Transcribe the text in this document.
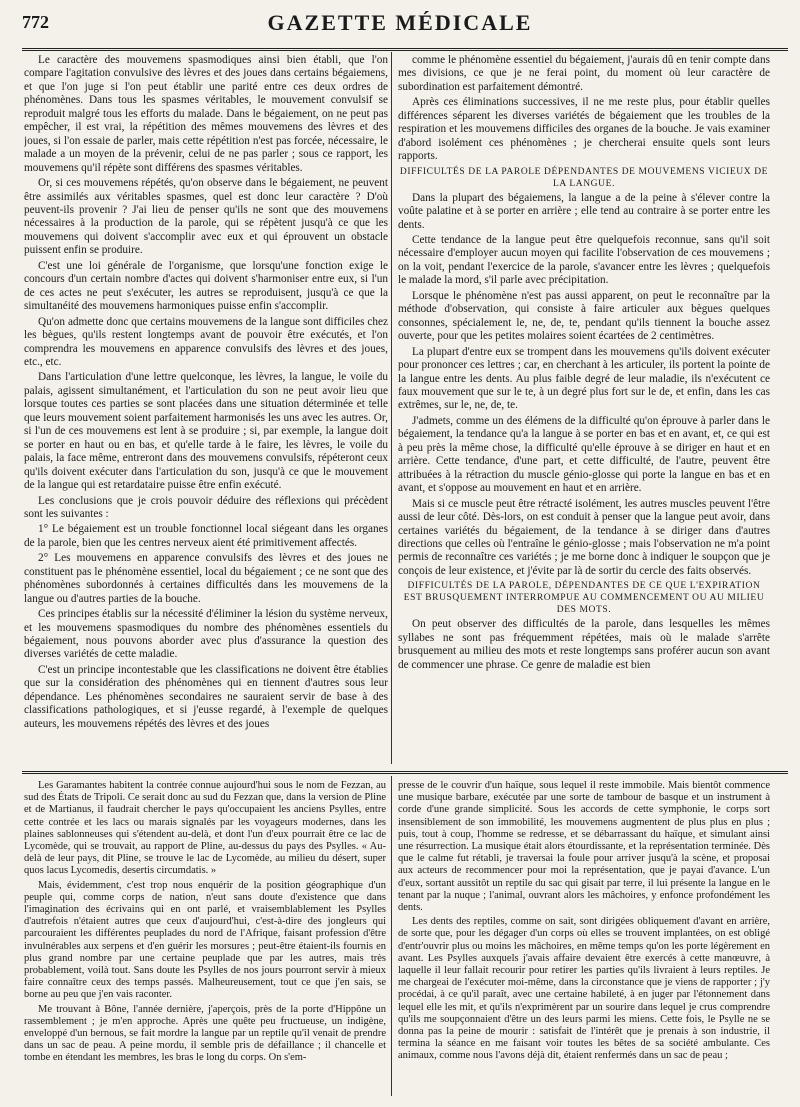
772	GAZETTE MÉDICALE

Le caractère des mouvemens spasmodiques ainsi bien établi, que l'on compare l'agitation convulsive des lèvres et des joues dans certains bégaiemens, et que l'on juge si l'on peut établir une parité entre ces deux ordres de phénomènes. Dans tous les spasmes véritables, le mouvement convulsif se reproduit malgré tous les efforts du malade. Dans le bégaiement, on ne peut pas empêcher, il est vrai, la répétition des mêmes mouvemens des lèvres et des joues, si l'on essaie de parler, mais cette répétition n'est pas forcée, nécessaire, le malade a un moyen de la prévenir, celui de ne pas parler ; sous ce rapport, les mouvemens qu'il répète sont différens des spasmes véritables.

Or, si ces mouvemens répétés, qu'on observe dans le bégaiement, ne peuvent être assimilés aux véritables spasmes, quel est donc leur caractère ? D'où peuvent-ils provenir ? J'ai lieu de penser qu'ils ne sont que des mouvemens nécessaires à la production de la parole, qui se répètent jusqu'à ce que les mouvemens qui doivent s'accomplir avec eux et qui éprouvent un obstacle puissent enfin se produire.

C'est une loi générale de l'organisme, que lorsqu'une fonction exige le concours d'un certain nombre d'actes qui doivent s'harmoniser entre eux, si l'un de ces actes ne peut s'exécuter, les autres se reproduisent, jusqu'à ce que la simultanéité des mouvemens harmoniques puisse enfin s'accomplir.

Qu'on admette donc que certains mouvemens de la langue sont difficiles chez les bègues, qu'ils restent longtemps avant de pouvoir être exécutés, et l'on comprendra les mouvemens en apparence convulsifs des lèvres et des joues, etc., etc.

Dans l'articulation d'une lettre quelconque, les lèvres, la langue, le voile du palais, agissent simultanément, et l'articulation du son ne peut avoir lieu que lorsque toutes ces parties se sont placées dans une situation déterminée et telle que leurs mouvement soient parfaitement harmonisés les uns avec les autres. Or, si l'un de ces mouvemens est lent à se produire ; si, par exemple, la langue doit se porter en haut ou en bas, et qu'elle tarde à le faire, les lèvres, le voile du palais, la face même, entreront dans des mouvemens convulsifs, répéteront ceux qu'ils doivent exécuter dans l'articulation du son, jusqu'à ce que le mouvement de la langue qui est retardataire puisse être enfin exécuté.

Les conclusions que je crois pouvoir déduire des réflexions qui précèdent sont les suivantes :

1° Le bégaiement est un trouble fonctionnel local siégeant dans les organes de la parole, bien que les centres nerveux aient été primitivement affectés.

2° Les mouvemens en apparence convulsifs des lèvres et des joues ne constituent pas le phénomène essentiel, local du bégaiement ; ce ne sont que des phénomènes subordonnés à certaines difficultés dans les mouvemens de la langue ou d'autres parties de la bouche.

Ces principes établis sur la nécessité d'éliminer la lésion du système nerveux, et les mouvemens spasmodiques du nombre des phénomènes essentiels du bégaiement, nous pouvons aborder avec plus d'assurance la question des diverses variétés de cette maladie.

C'est un principe incontestable que les classifications ne doivent être établies que sur la considération des phénomènes qui en tiennent d'autres sous leur dépendance. Les phénomènes secondaires ne sauraient servir de base à des classifications pathologiques, et si j'eusse regardé, à l'exemple de quelques auteurs, les mouvemens répétés des lèvres et des joues

comme le phénomène essentiel du bégaiement, j'aurais dû en tenir compte dans mes divisions, ce que je ne ferai point, du moment où leur caractère de subordination est parfaitement démontré.

Après ces éliminations successives, il ne me reste plus, pour établir quelles différences séparent les diverses variétés de bégaiement que les troubles de la respiration et les mouvemens difficiles des organes de la bouche. Je vais examiner d'abord isolément ces phénomènes ; je chercherai ensuite quels sont leurs rapports.

DIFFICULTÉS DE LA PAROLE DÉPENDANTES DE MOUVEMENS VICIEUX DE LA LANGUE.

Dans la plupart des bégaiemens, la langue a de la peine à s'élever contre la voûte palatine et à se porter en arrière ; elle tend au contraire à se porter entre les dents.

Cette tendance de la langue peut être quelquefois reconnue, sans qu'il soit nécessaire d'employer aucun moyen qui facilite l'observation de ces mouvemens ; on la voit, pendant l'exercice de la parole, s'avancer entre les lèvres ; quelquefois le malade la mord, s'il parle avec précipitation.

Lorsque le phénomène n'est pas aussi apparent, on peut le reconnaître par la méthode d'observation, qui consiste à faire articuler aux bègues quelques consonnes, spécialement le, ne, de, te, pendant qu'ils tiennent la bouche assez ouverte, pour que les petites molaires soient écartées de 2 centimètres.

La plupart d'entre eux se trompent dans les mouvemens qu'ils doivent exécuter pour prononcer ces lettres ; car, en cherchant à les articuler, ils portent la pointe de la langue entre les dents. Au plus faible degré de leur maladie, ils n'exécutent ce faux mouvement que sur le te, à un degré plus fort sur le de, et enfin, dans les cas extrêmes, sur le, ne, de, te.

J'admets, comme un des élémens de la difficulté qu'on éprouve à parler dans le bégaiement, la tendance qu'a la langue à se porter en bas et en avant, et, ce qui est à peu près la même chose, la difficulté qu'elle éprouve à se diriger en haut et en arrière. Cette tendance, d'une part, et cette difficulté, de l'autre, peuvent être attribuées à la rétraction du muscle génio-glosse qui porte la langue en bas et en avant, et s'oppose au mouvement en haut et en arrière.

Mais si ce muscle peut être rétracté isolément, les autres muscles peuvent l'être aussi de leur côté. Dès-lors, on est conduit à penser que la langue peut avoir, dans certaines variétés du bégaiement, de la tendance à se diriger dans d'autres directions que celles où l'entraîne le génio-glosse ; mais l'observation ne m'a point permis de reconnaître ces variétés ; je me borne donc à indiquer le soupçon que je conçois de leur existence, et j'évite par là de sortir du cercle des faits observés.

DIFFICULTÉS DE LA PAROLE, DÉPENDANTES DE CE QUE L'EXPIRATION EST BRUSQUEMENT INTERROMPUE AU COMMENCEMENT OU AU MILIEU DES MOTS.

On peut observer des difficultés de la parole, dans lesquelles les mêmes syllabes ne sont pas fréquemment répétées, mais où le malade s'arrête brusquement au milieu des mots et reste longtemps sans proférer aucun son avant de commencer une phrase. Ce genre de maladie est bien

Les Garamantes habitent la contrée connue aujourd'hui sous le nom de Fezzan, au sud des États de Tripoli. Ce serait donc au sud du Fezzan que, dans la version de Pline et de Martianus, il faudrait chercher le pays qu'occupaient les anciens Psylles, entre cette contrée et les lacs ou marais signalés par les voyageurs modernes, dans les plaines sablonneuses qui s'étendent au-delà, et dont l'un d'eux pourrait être ce lac de Lycomède, qui se trouvait, au rapport de Pline, au-dessus du pays des Psylles. « Au-delà de leur pays, dit Pline, se trouve le lac de Lycomède, au milieu du désert, super quos lacus Lycomedis, desertis circumdatis. »

Mais, évidemment, c'est trop nous enquérir de la position géographique d'un peuple qui, comme corps de nation, n'eut sans doute d'existence que dans l'imagination des écrivains qui en ont parlé, et vraisemblablement les Psylles d'autrefois n'étaient autres que ceux d'aujourd'hui, c'est-à-dire des jongleurs qui parcouraient les différentes peuplades du nord de l'Afrique, faisant profession d'être invulnérables aux serpens et d'en guérir les morsures ; peut-être étaient-ils fournis en plus grand nombre par une certaine peuplade que par les autres, mais très probablement, voilà tout. Sans doute les Psylles de nos jours pourront servir à mieux faire connaître ceux des temps passés. Malheureusement, tout ce que j'en sais, se borne au peu que j'en vais raconter.

Me trouvant à Bône, l'année dernière, j'aperçois, près de la porte d'Hippône un rassemblement ; je m'en approche. Après une quête peu fructueuse, un indigène, enveloppé d'un bernous, se fait mordre la langue par un reptile qu'il venait de prendre dans un sac de peau. A peine mordu, il semble pris de défaillance ; il chancelle et tombe en étendant les membres, les bras le long du corps. On s'em-

presse de le couvrir d'un haïque, sous lequel il reste immobile. Mais bientôt commence une musique barbare, exécutée par une sorte de tambour de basque et un instrument à corde d'une grande simplicité. Sous les accords de cette symphonie, le corps sort insensiblement de son immobilité, les mouvemens augmentent de plus plus en plus ; puis, tout à coup, l'homme se redresse, et se débarrassant du haïque, et simulant ainsi une résurrection. La musique était alors étourdissante, et la représentation terminée. Dès que le calme fut rétabli, je traversai la foule pour arriver jusqu'à la scène, et proposai aux acteurs de recommencer pour moi la représentation, que je payai d'avance. L'un d'eux, sortant aussitôt un reptile du sac qui gisait par terre, il lui présente la langue en le tenant par la nuque ; l'animal, ouvrant alors les mâchoires, y enfonce profondément les dents.

Les dents des reptiles, comme on sait, sont dirigées obliquement d'avant en arrière, de sorte que, pour les dégager d'un corps où elles se trouvent implantées, on est obligé d'entr'ouvrir plus ou moins les mâchoires, en même temps qu'on les porte légèrement en avant. Les Psylles auxquels j'avais affaire devaient être exercés à cette manœuvre, à laquelle il leur fallait recourir pour retirer les parties qu'ils livraient à leurs reptiles. Je me chargeai de l'exécuter moi-même, dans la circonstance que je viens de rapporter ; j'y procédai, à ce qu'il paraît, avec une certaine habileté, à en juger par l'étonnement dans lequel elle les mit, et qu'ils n'exprimèrent par un sourire dans lequel je crus comprendre qu'ils me soupçonnaient d'être un des leurs parmi les miens. Cette fois, le Psylle ne se donna pas la peine de mourir : satisfait de l'intérêt que je prenais à son industrie, il termina la séance en me faisant voir toutes les bêtes de sa société ambulante. Ces animaux, comme nous l'avons déjà dit, étaient renfermés dans un sac de peau ;
